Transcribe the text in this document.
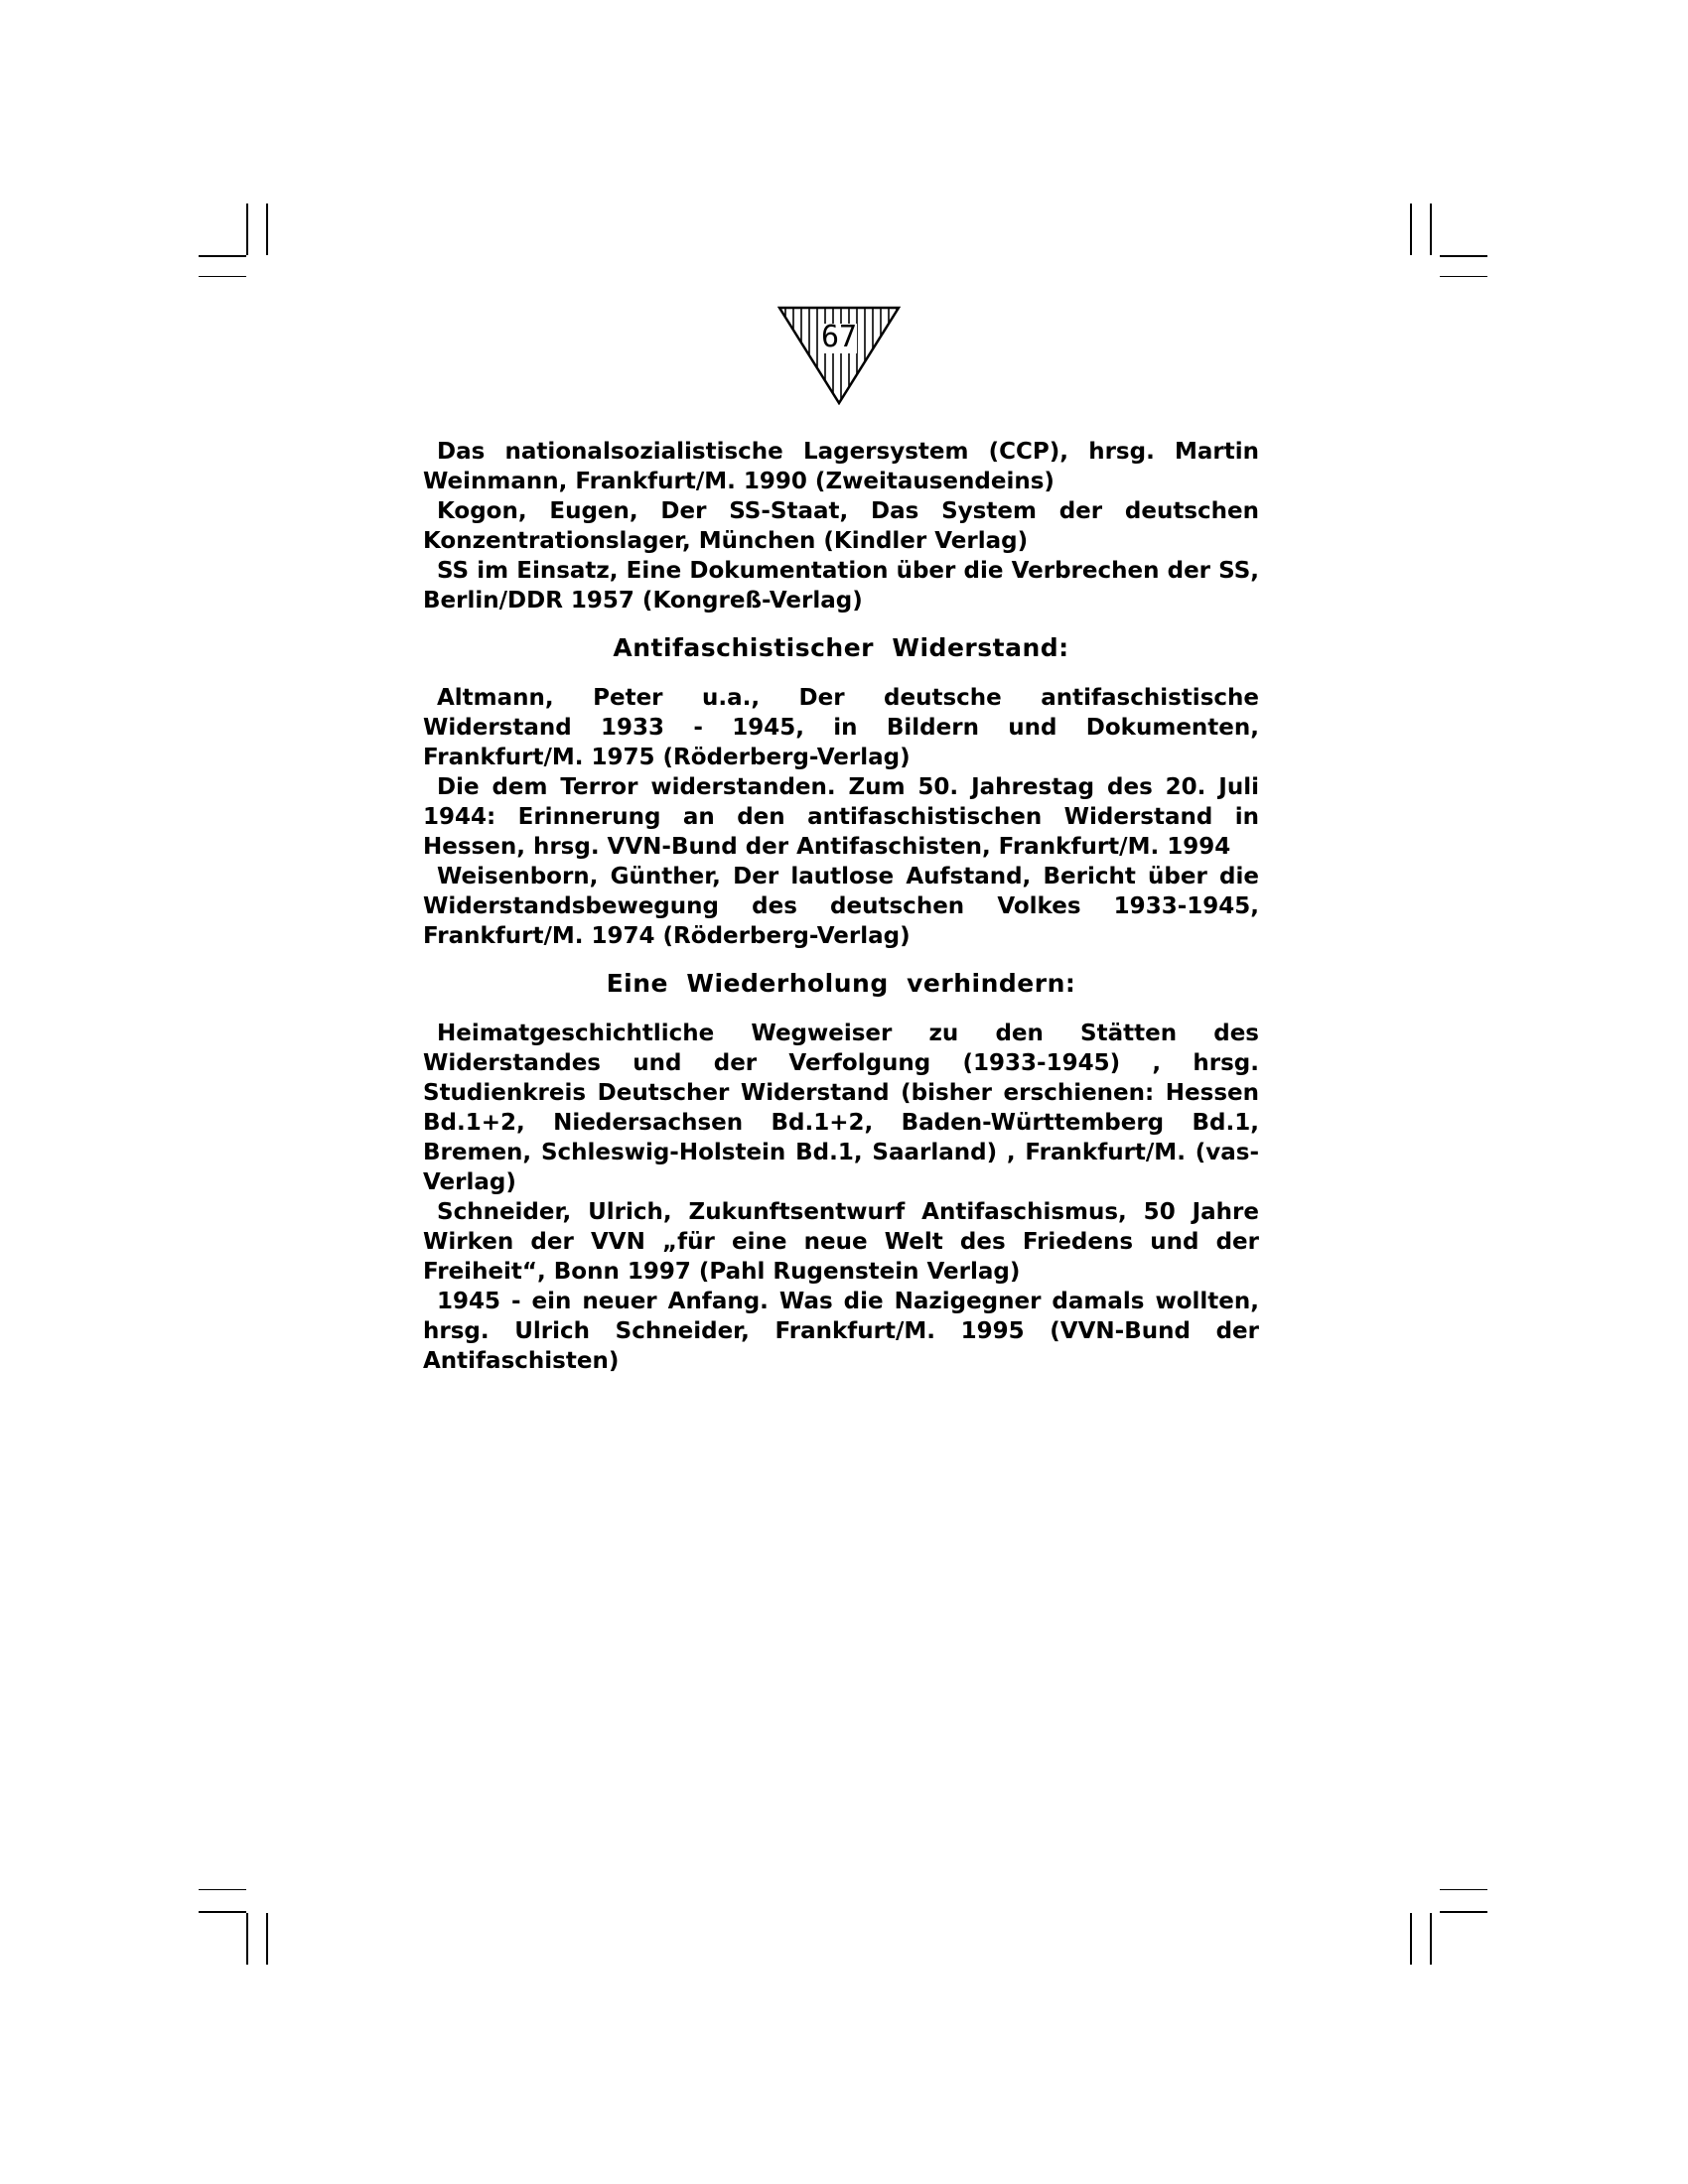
67

Das nationalsozialistische Lagersystem (CCP), hrsg. Martin Weinmann, Frankfurt/M. 1990 (Zweitausendeins)

Kogon, Eugen, Der SS-Staat, Das System der deutschen Konzentrationslager, München (Kindler Verlag)

SS im Einsatz, Eine Dokumentation über die Verbrechen der SS, Berlin/DDR 1957 (Kongreß-Verlag)

Antifaschistischer  Widerstand:

Altmann, Peter u.a., Der deutsche antifaschistische Widerstand 1933 - 1945, in Bildern und Dokumenten, Frankfurt/M. 1975 (Röderberg-Verlag)

Die dem Terror widerstanden. Zum 50. Jahrestag des 20. Juli 1944: Erinnerung an den antifaschistischen Widerstand in Hessen, hrsg. VVN-Bund der Antifaschisten, Frankfurt/M. 1994

Weisenborn, Günther, Der lautlose Aufstand, Bericht über die Widerstandsbewegung des deutschen Volkes 1933-1945, Frankfurt/M. 1974 (Röderberg-Verlag)

Eine  Wiederholung  verhindern:

Heimatgeschichtliche Wegweiser zu den Stätten des Widerstandes und der Verfolgung (1933-1945) , hrsg. Studienkreis Deutscher Widerstand (bisher erschienen: Hessen Bd.1+2, Niedersachsen Bd.1+2, Baden-Württemberg Bd.1, Bremen, Schleswig-Holstein Bd.1, Saarland) , Frankfurt/M. (vas-Verlag)

Schneider, Ulrich, Zukunftsentwurf Antifaschismus, 50 Jahre Wirken der VVN „für eine neue Welt des Friedens und der Freiheit“, Bonn 1997 (Pahl Rugenstein Verlag)

1945 - ein neuer Anfang. Was die Nazigegner damals wollten, hrsg. Ulrich Schneider, Frankfurt/M. 1995 (VVN-Bund der Antifaschisten)
